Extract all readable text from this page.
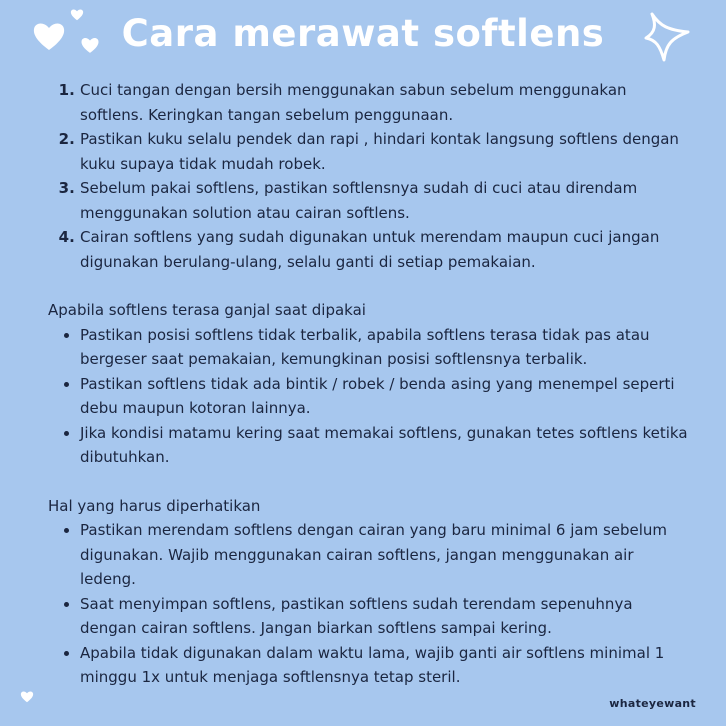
Cara merawat softlens
1. Cuci tangan dengan bersih menggunakan sabun sebelum menggunakan softlens. Keringkan tangan sebelum penggunaan.
2. Pastikan kuku selalu pendek dan rapi , hindari kontak langsung softlens dengan kuku supaya tidak mudah robek.
3. Sebelum pakai softlens, pastikan softlensnya sudah di cuci atau direndam menggunakan solution atau cairan softlens.
4. Cairan softlens yang sudah digunakan untuk merendam maupun cuci jangan digunakan berulang-ulang, selalu ganti di setiap pemakaian.
Apabila softlens terasa ganjal saat dipakai
• Pastikan posisi softlens tidak terbalik, apabila softlens terasa tidak pas atau bergeser saat pemakaian, kemungkinan posisi softlensnya terbalik.
• Pastikan softlens tidak ada bintik / robek / benda asing yang menempel seperti debu maupun kotoran lainnya.
• Jika kondisi matamu kering saat memakai softlens, gunakan tetes softlens ketika dibutuhkan.
Hal yang harus diperhatikan
• Pastikan merendam softlens dengan cairan yang baru minimal 6 jam sebelum digunakan. Wajib menggunakan cairan softlens, jangan menggunakan air ledeng.
• Saat menyimpan softlens, pastikan softlens sudah terendam sepenuhnya dengan cairan softlens. Jangan biarkan softlens sampai kering.
• Apabila tidak digunakan dalam waktu lama, wajib ganti air softlens minimal 1 minggu 1x untuk menjaga softlensnya tetap steril.
whateyewant
